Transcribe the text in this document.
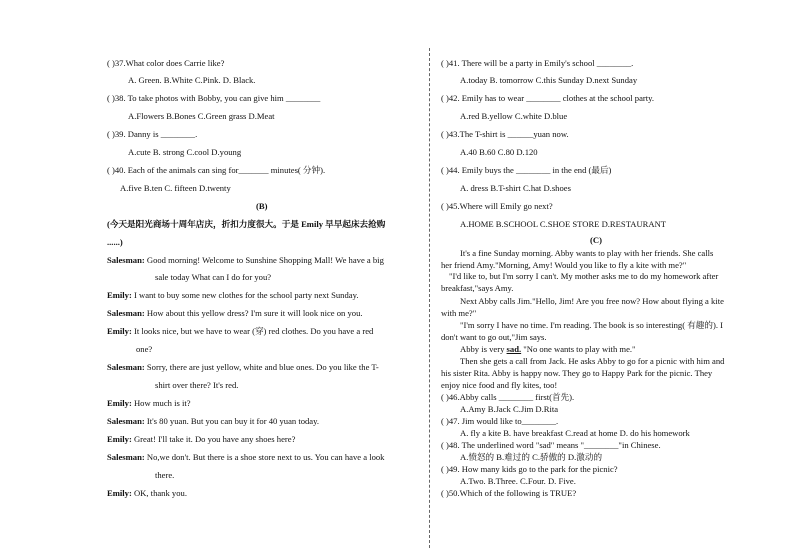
( )37.What color does Carrie like?
A. Green. B.White C.Pink. D. Black.
( )38. To take photos with Bobby, you can give him ________
A.Flowers B.Bones C.Green grass D.Meat
( )39. Danny is ________.
A.cute B. strong C.cool D.young
( )40. Each of the animals can sing for_______ minutes( 分钟).
A.five B.ten C. fifteen D.twenty
(B)
(今天是阳光商场十周年店庆，折扣力度很大。于是 Emily 早早起床去抢购
......)
Salesman: Good morning! Welcome to Sunshine Shopping Mall! We have a big
sale today What can I do for you?
Emily: I want to buy some new clothes for the school party next Sunday.
Salesman: How about this yellow dress? I'm sure it will look nice on you.
Emily: It looks nice, but we have to wear (穿) red clothes. Do you have a red
one?
Salesman: Sorry, there are just yellow, white and blue ones. Do you like the T-
shirt over there? It's red.
Emily: How much is it?
Salesman: It's 80 yuan. But you can buy it for 40 yuan today.
Emily: Great! I'll take it. Do you have any shoes here?
Salesman: No,we don't. But there is a shoe store next to us. You can have a look
there.
Emily: OK, thank you.
( )41. There will be a party in Emily's school ________.
A.today B. tomorrow C.this Sunday D.next Sunday
( )42. Emily has to wear ________ clothes at the school party.
A.red B.yellow C.white D.blue
( )43.The T-shirt is ______yuan now.
A.40 B.60 C.80 D.120
( )44. Emily buys the ________ in the end (最后)
A. dress B.T-shirt C.hat D.shoes
( )45.Where will Emily go next?
A.HOME B.SCHOOL C.SHOE STORE D.RESTAURANT
(C)
It's a fine Sunday morning. Abby wants to play with her friends. She calls
her friend Amy."Morning, Amy! Would you like to fly a kite with me?"
"I'd like to, but I'm sorry I can't. My mother asks me to do my homework after
breakfast,"says Amy.
Next Abby calls Jim."Hello, Jim! Are you free now? How about flying a kite
with me?"
"I'm sorry I have no time. I'm reading. The book is so interesting( 有趣的). I
don't want to go out,"Jim says.
Abby is very sad. "No one wants to play with me."
Then she gets a call from Jack. He asks Abby to go for a picnic with him and
his sister Rita. Abby is happy now. They go to Happy Park for the picnic. They
enjoy nice food and fly kites, too!
( )46.Abby calls ________ first(首先).
A.Amy B.Jack C.Jim D.Rita
( )47. Jim would like to________.
A. fly a kite B. have breakfast C.read at home D. do his homework
( )48. The underlined word "sad" means "________"in Chinese.
A.愤怒的 B.难过的 C.骄傲的 D.激动的
( )49. How many kids go to the park for the picnic?
A.Two. B.Three. C.Four. D. Five.
( )50.Which of the following is TRUE?
